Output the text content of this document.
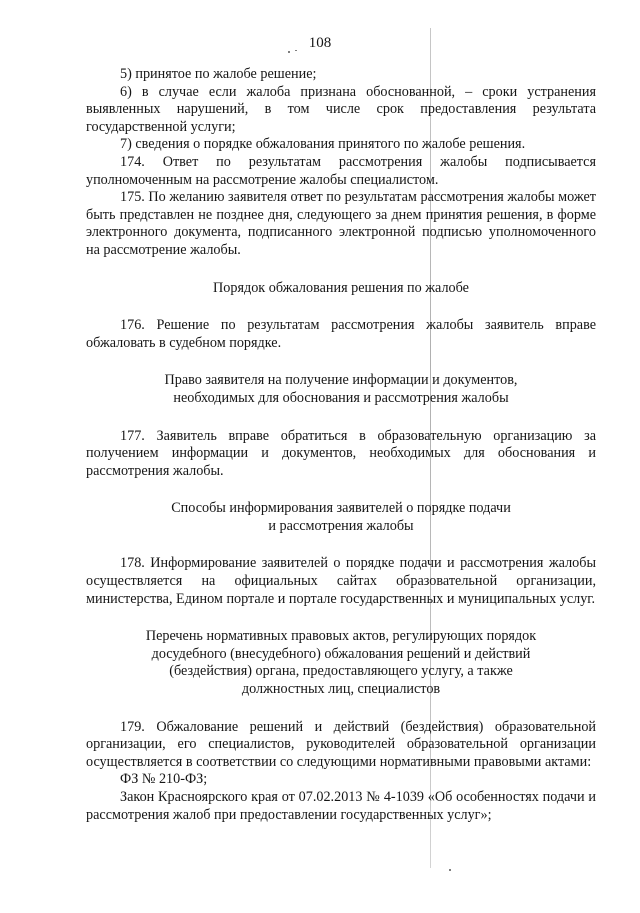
108

5) принятое по жалобе решение;

6) в случае если жалоба признана обоснованной, – сроки устранения выявленных нарушений, в том числе срок предоставления результата государственной услуги;

7) сведения о порядке обжалования принятого по жалобе решения.

174. Ответ по результатам рассмотрения жалобы подписывается уполномоченным на рассмотрение жалобы специалистом.

175. По желанию заявителя ответ по результатам рассмотрения жалобы может быть представлен не позднее дня, следующего за днем принятия решения, в форме электронного документа, подписанного электронной подписью уполномоченного на рассмотрение жалобы.

Порядок обжалования решения по жалобе

176. Решение по результатам рассмотрения жалобы заявитель вправе обжаловать в судебном порядке.

Право заявителя на получение информации и документов,
необходимых для обоснования и рассмотрения жалобы

177. Заявитель вправе обратиться в образовательную организацию за получением информации и документов, необходимых для обоснования и рассмотрения жалобы.

Способы информирования заявителей о порядке подачи
и рассмотрения жалобы

178. Информирование заявителей о порядке подачи и рассмотрения жалобы осуществляется на официальных сайтах образовательной организации, министерства, Едином портале и портале государственных и муниципальных услуг.

Перечень нормативных правовых актов, регулирующих порядок
досудебного (внесудебного) обжалования решений и действий
(бездействия) органа, предоставляющего услугу, а также
должностных лиц, специалистов

179. Обжалование решений и действий (бездействия) образовательной организации, его специалистов, руководителей образовательной организации осуществляется в соответствии со следующими нормативными правовыми актами:

ФЗ № 210-ФЗ;

Закон Красноярского края от 07.02.2013 № 4-1039 «Об особенностях подачи и рассмотрения жалоб при предоставлении государственных услуг»;
